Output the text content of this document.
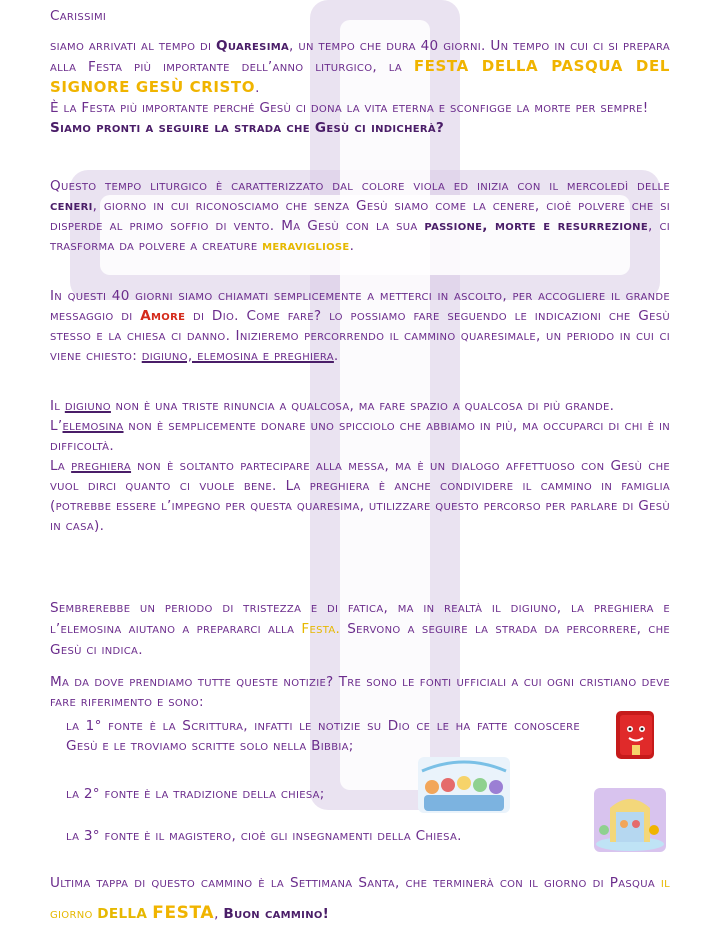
Carissimi

siamo arrivati al tempo di Quaresima, un tempo che dura 40 giorni. Un tempo in cui ci si prepara alla Festa più importante dell’anno liturgico, la FESTA DELLA PASQUA DEL SIGNORE GESÙ CRISTO.

È la Festa più importante perché Gesù ci dona la vita eterna e sconfigge la morte per sempre!

Siamo pronti a seguire la strada che Gesù ci indicherà?

Questo tempo liturgico è caratterizzato dal colore viola ed inizia con il mercoledì delle ceneri, giorno in cui riconosciamo che senza Gesù siamo come la cenere, cioè polvere che si disperde al primo soffio di vento. Ma Gesù con la sua passione, morte e resurrezione, ci trasforma da polvere a creature meravigliose.

In questi 40 giorni siamo chiamati semplicemente a metterci in ascolto, per accogliere il grande messaggio di Amore di Dio. Come fare? lo possiamo fare seguendo le indicazioni che Gesù stesso e la chiesa ci danno. Inizieremo percorrendo il cammino quaresimale, un periodo in cui ci viene chiesto: digiuno, elemosina e preghiera.

Il digiuno non è una triste rinuncia a qualcosa, ma fare spazio a qualcosa di più grande.

L’elemosina non è semplicemente donare uno spicciolo che abbiamo in più, ma occuparci di chi è in difficoltà.

La preghiera non è soltanto partecipare alla messa, ma è un dialogo affettuoso con Gesù che vuol dirci quanto ci vuole bene. La preghiera è anche condividere il cammino in famiglia (potrebbe essere l’impegno per questa quaresima, utilizzare questo percorso per parlare di Gesù in casa).

Sembrerebbe un periodo di tristezza e di fatica, ma in realtà il digiuno, la preghiera e l’elemosina aiutano a prepararci alla Festa. Servono a seguire la strada da percorrere, che Gesù ci indica.

Ma da dove prendiamo tutte queste notizie? Tre sono le fonti ufficiali a cui ogni cristiano deve fare riferimento e sono:

la 1° fonte è la Scrittura, infatti le notizie su Dio ce le ha fatte conoscere Gesù e le troviamo scritte solo nella Bibbia;

la 2° fonte è la tradizione della chiesa;

la 3° fonte è il magistero, cioè gli insegnamenti della Chiesa.

Ultima tappa di questo cammino è la Settimana Santa, che terminerà con il giorno di Pasqua il giorno DELLA FESTA, Buon cammino!
